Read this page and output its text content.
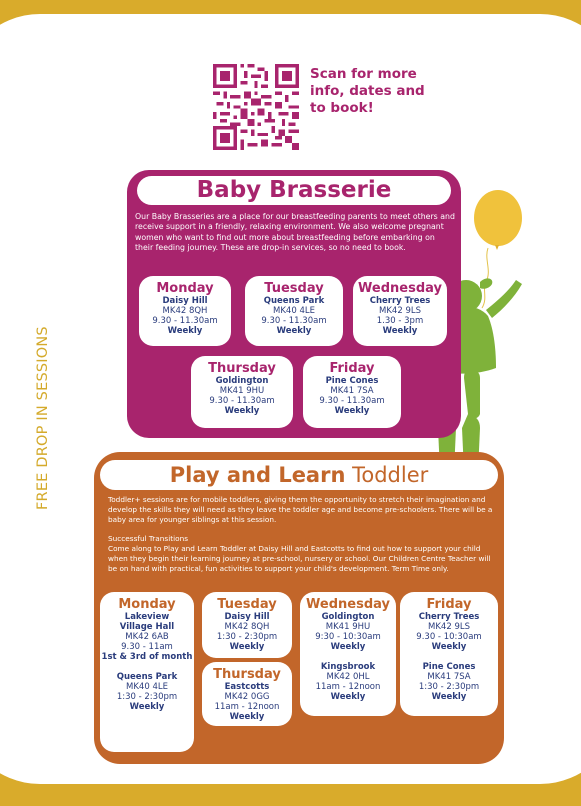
FREE DROP IN SESSIONS
Scan for more
info, dates and
to book!
Baby Brasserie
Our Baby Brasseries are a place for our breastfeeding parents to meet others and receive support in a friendly, relaxing environment. We also welcome pregnant women who want to find out more about breastfeeding before embarking on their feeding journey. These are drop-in services, so no need to book.
Monday
Daisy Hill
MK42 8QH
9.30 - 11.30am
Weekly
Tuesday
Queens Park
MK40 4LE
9.30 - 11.30am
Weekly
Wednesday
Cherry Trees
MK42 9LS
1.30 - 3pm
Weekly
Thursday
Goldington
MK41 9HU
9.30 - 11.30am
Weekly
Friday
Pine Cones
MK41 7SA
9.30 - 11.30am
Weekly
Play and Learn Toddler
Toddler+ sessions are for mobile toddlers, giving them the opportunity to stretch their imagination and develop the skills they will need as they leave the toddler age and become pre-schoolers. There will be a baby area for younger siblings at this session.
Successful Transitions
Come along to Play and Learn Toddler at Daisy Hill and Eastcotts to find out how to support your child when they begin their learning journey at pre-school, nursery or school. Our Children Centre Teacher will be on hand with practical, fun activities to support your child's development. Term Time only.
Monday
Lakeview
Village Hall
MK42 6AB
9.30 - 11am
1st & 3rd of month
Queens Park
MK40 4LE
1:30 - 2:30pm
Weekly
Tuesday
Daisy Hill
MK42 8QH
1:30 - 2:30pm
Weekly
Thursday
Eastcotts
MK42 0GG
11am - 12noon
Weekly
Wednesday
Goldington
MK41 9HU
9:30 - 10:30am
Weekly
Kingsbrook
MK42 0HL
11am - 12noon
Weekly
Friday
Cherry Trees
MK42 9LS
9.30 - 10:30am
Weekly
Pine Cones
MK41 7SA
1:30 - 2:30pm
Weekly
